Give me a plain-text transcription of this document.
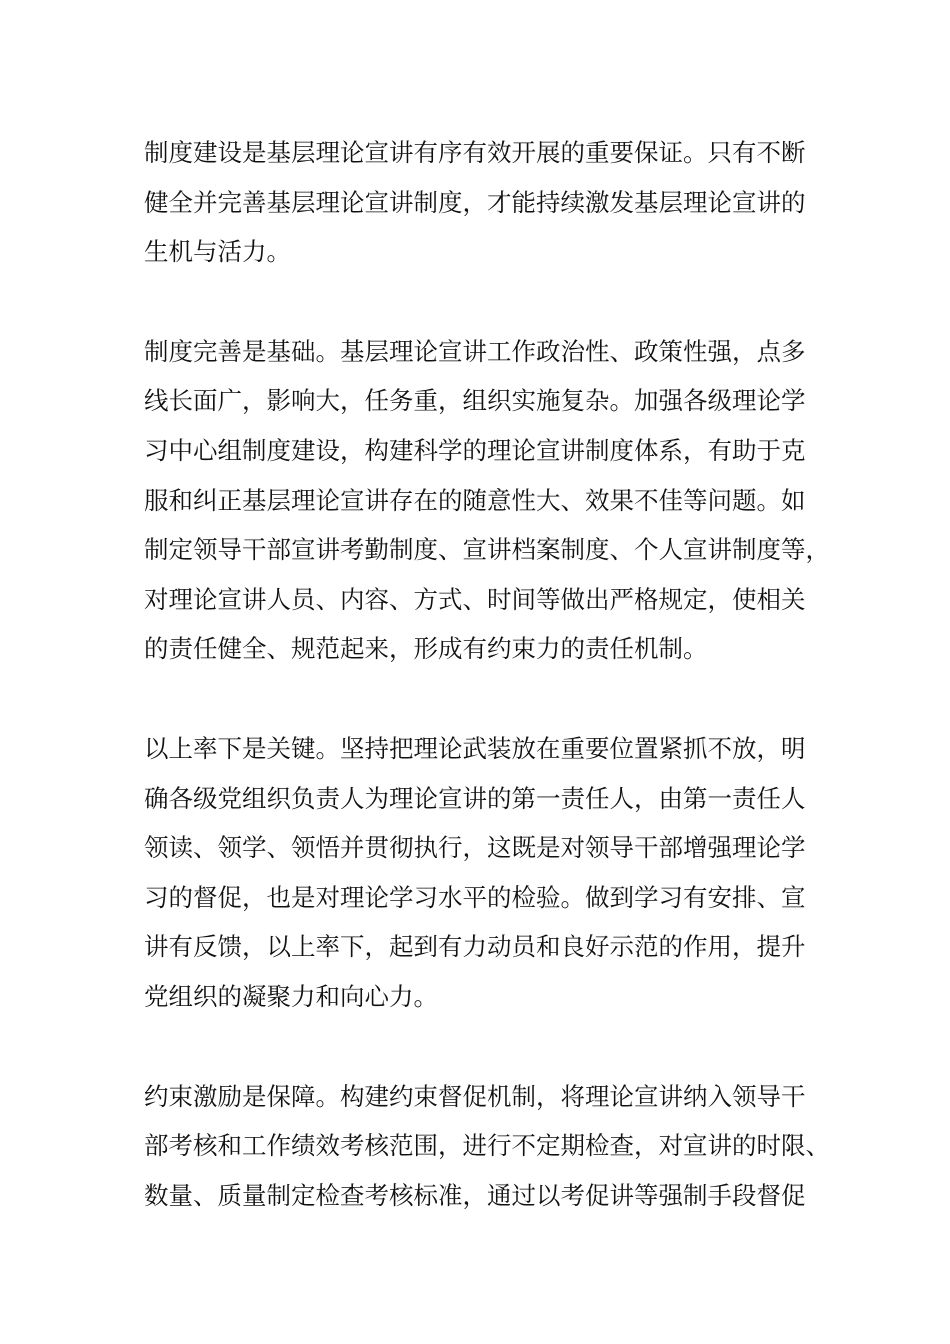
制度建设是基层理论宣讲有序有效开展的重要保证。只有不断
健全并完善基层理论宣讲制度，才能持续激发基层理论宣讲的
生机与活力。

制度完善是基础。基层理论宣讲工作政治性、政策性强，点多
线长面广，影响大，任务重，组织实施复杂。加强各级理论学
习中心组制度建设，构建科学的理论宣讲制度体系，有助于克
服和纠正基层理论宣讲存在的随意性大、效果不佳等问题。如
制定领导干部宣讲考勤制度、宣讲档案制度、个人宣讲制度等，
对理论宣讲人员、内容、方式、时间等做出严格规定，使相关
的责任健全、规范起来，形成有约束力的责任机制。

以上率下是关键。坚持把理论武装放在重要位置紧抓不放，明
确各级党组织负责人为理论宣讲的第一责任人，由第一责任人
领读、领学、领悟并贯彻执行，这既是对领导干部增强理论学
习的督促，也是对理论学习水平的检验。做到学习有安排、宣
讲有反馈，以上率下，起到有力动员和良好示范的作用，提升
党组织的凝聚力和向心力。

约束激励是保障。构建约束督促机制，将理论宣讲纳入领导干
部考核和工作绩效考核范围，进行不定期检查，对宣讲的时限、
数量、质量制定检查考核标准，通过以考促讲等强制手段督促
